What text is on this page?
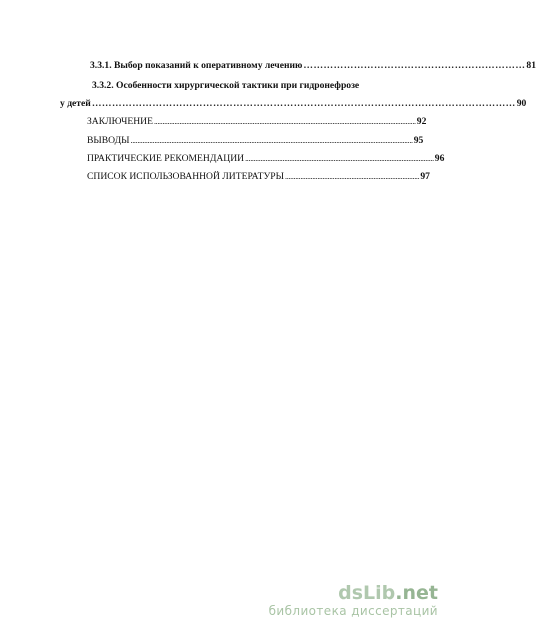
3.3.1. Выбор показаний к оперативному лечению ………………………………………………………… 81
3.3.2. Особенности хирургической тактики при гидронефрозе
у детей ……………………………………………………………………………………………………………… 90
ЗАКЛЮЧЕНИЕ .......................................................................................................................................................... 92
ВЫВОДЫ ...................................................................................................................................................................... 95
ПРАКТИЧЕСКИЕ РЕКОМЕНДАЦИИ ............................................................................................................... 96
СПИСОК ИСПОЛЬЗОВАННОЙ ЛИТЕРАТУРЫ ............................................................................... 97
dsLib.net
библиотека диссертаций
